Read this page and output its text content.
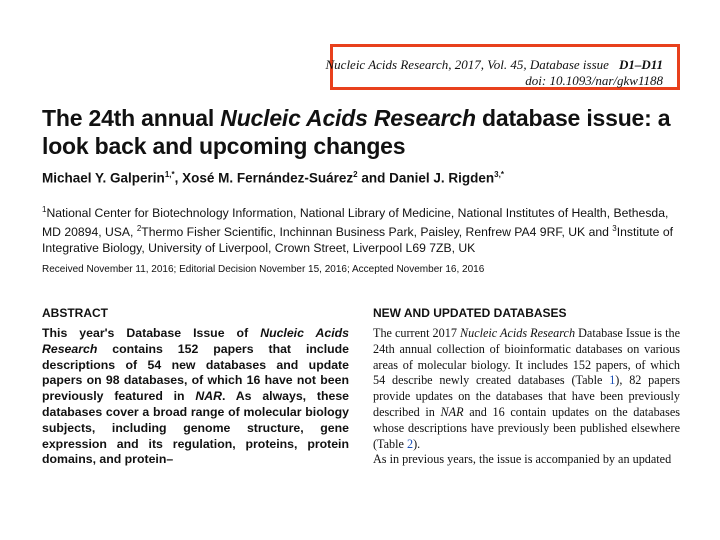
Nucleic Acids Research, 2017, Vol. 45, Database issue D1–D11
doi: 10.1093/nar/gkw1188
The 24th annual Nucleic Acids Research database issue: a look back and upcoming changes
Michael Y. Galperin$^{1,*}$, Xosé M. Fernández-Suárez$^2$ and Daniel J. Rigden$^{3,*}$
$^1$National Center for Biotechnology Information, National Library of Medicine, National Institutes of Health, Bethesda, MD 20894, USA, $^2$Thermo Fisher Scientific, Inchinnan Business Park, Paisley, Renfrew PA4 9RF, UK and $^3$Institute of Integrative Biology, University of Liverpool, Crown Street, Liverpool L69 7ZB, UK
Received November 11, 2016; Editorial Decision November 15, 2016; Accepted November 16, 2016
ABSTRACT

This year's Database Issue of Nucleic Acids Research contains 152 papers that include descriptions of 54 new databases and update papers on 98 databases, of which 16 have not been previously featured in NAR. As always, these databases cover a broad range of molecular biology subjects, including genome structure, gene expression and its regulation, proteins, protein domains, and protein–

NEW AND UPDATED DATABASES

The current 2017 Nucleic Acids Research Database Issue is the 24th annual collection of bioinformatic databases on various areas of molecular biology. It includes 152 papers, of which 54 describe newly created databases (Table 1), 82 papers provide updates on the databases that have been previously described in NAR and 16 contain updates on the databases whose descriptions have previously been published elsewhere (Table 2).
As in previous years, the issue is accompanied by an updated
